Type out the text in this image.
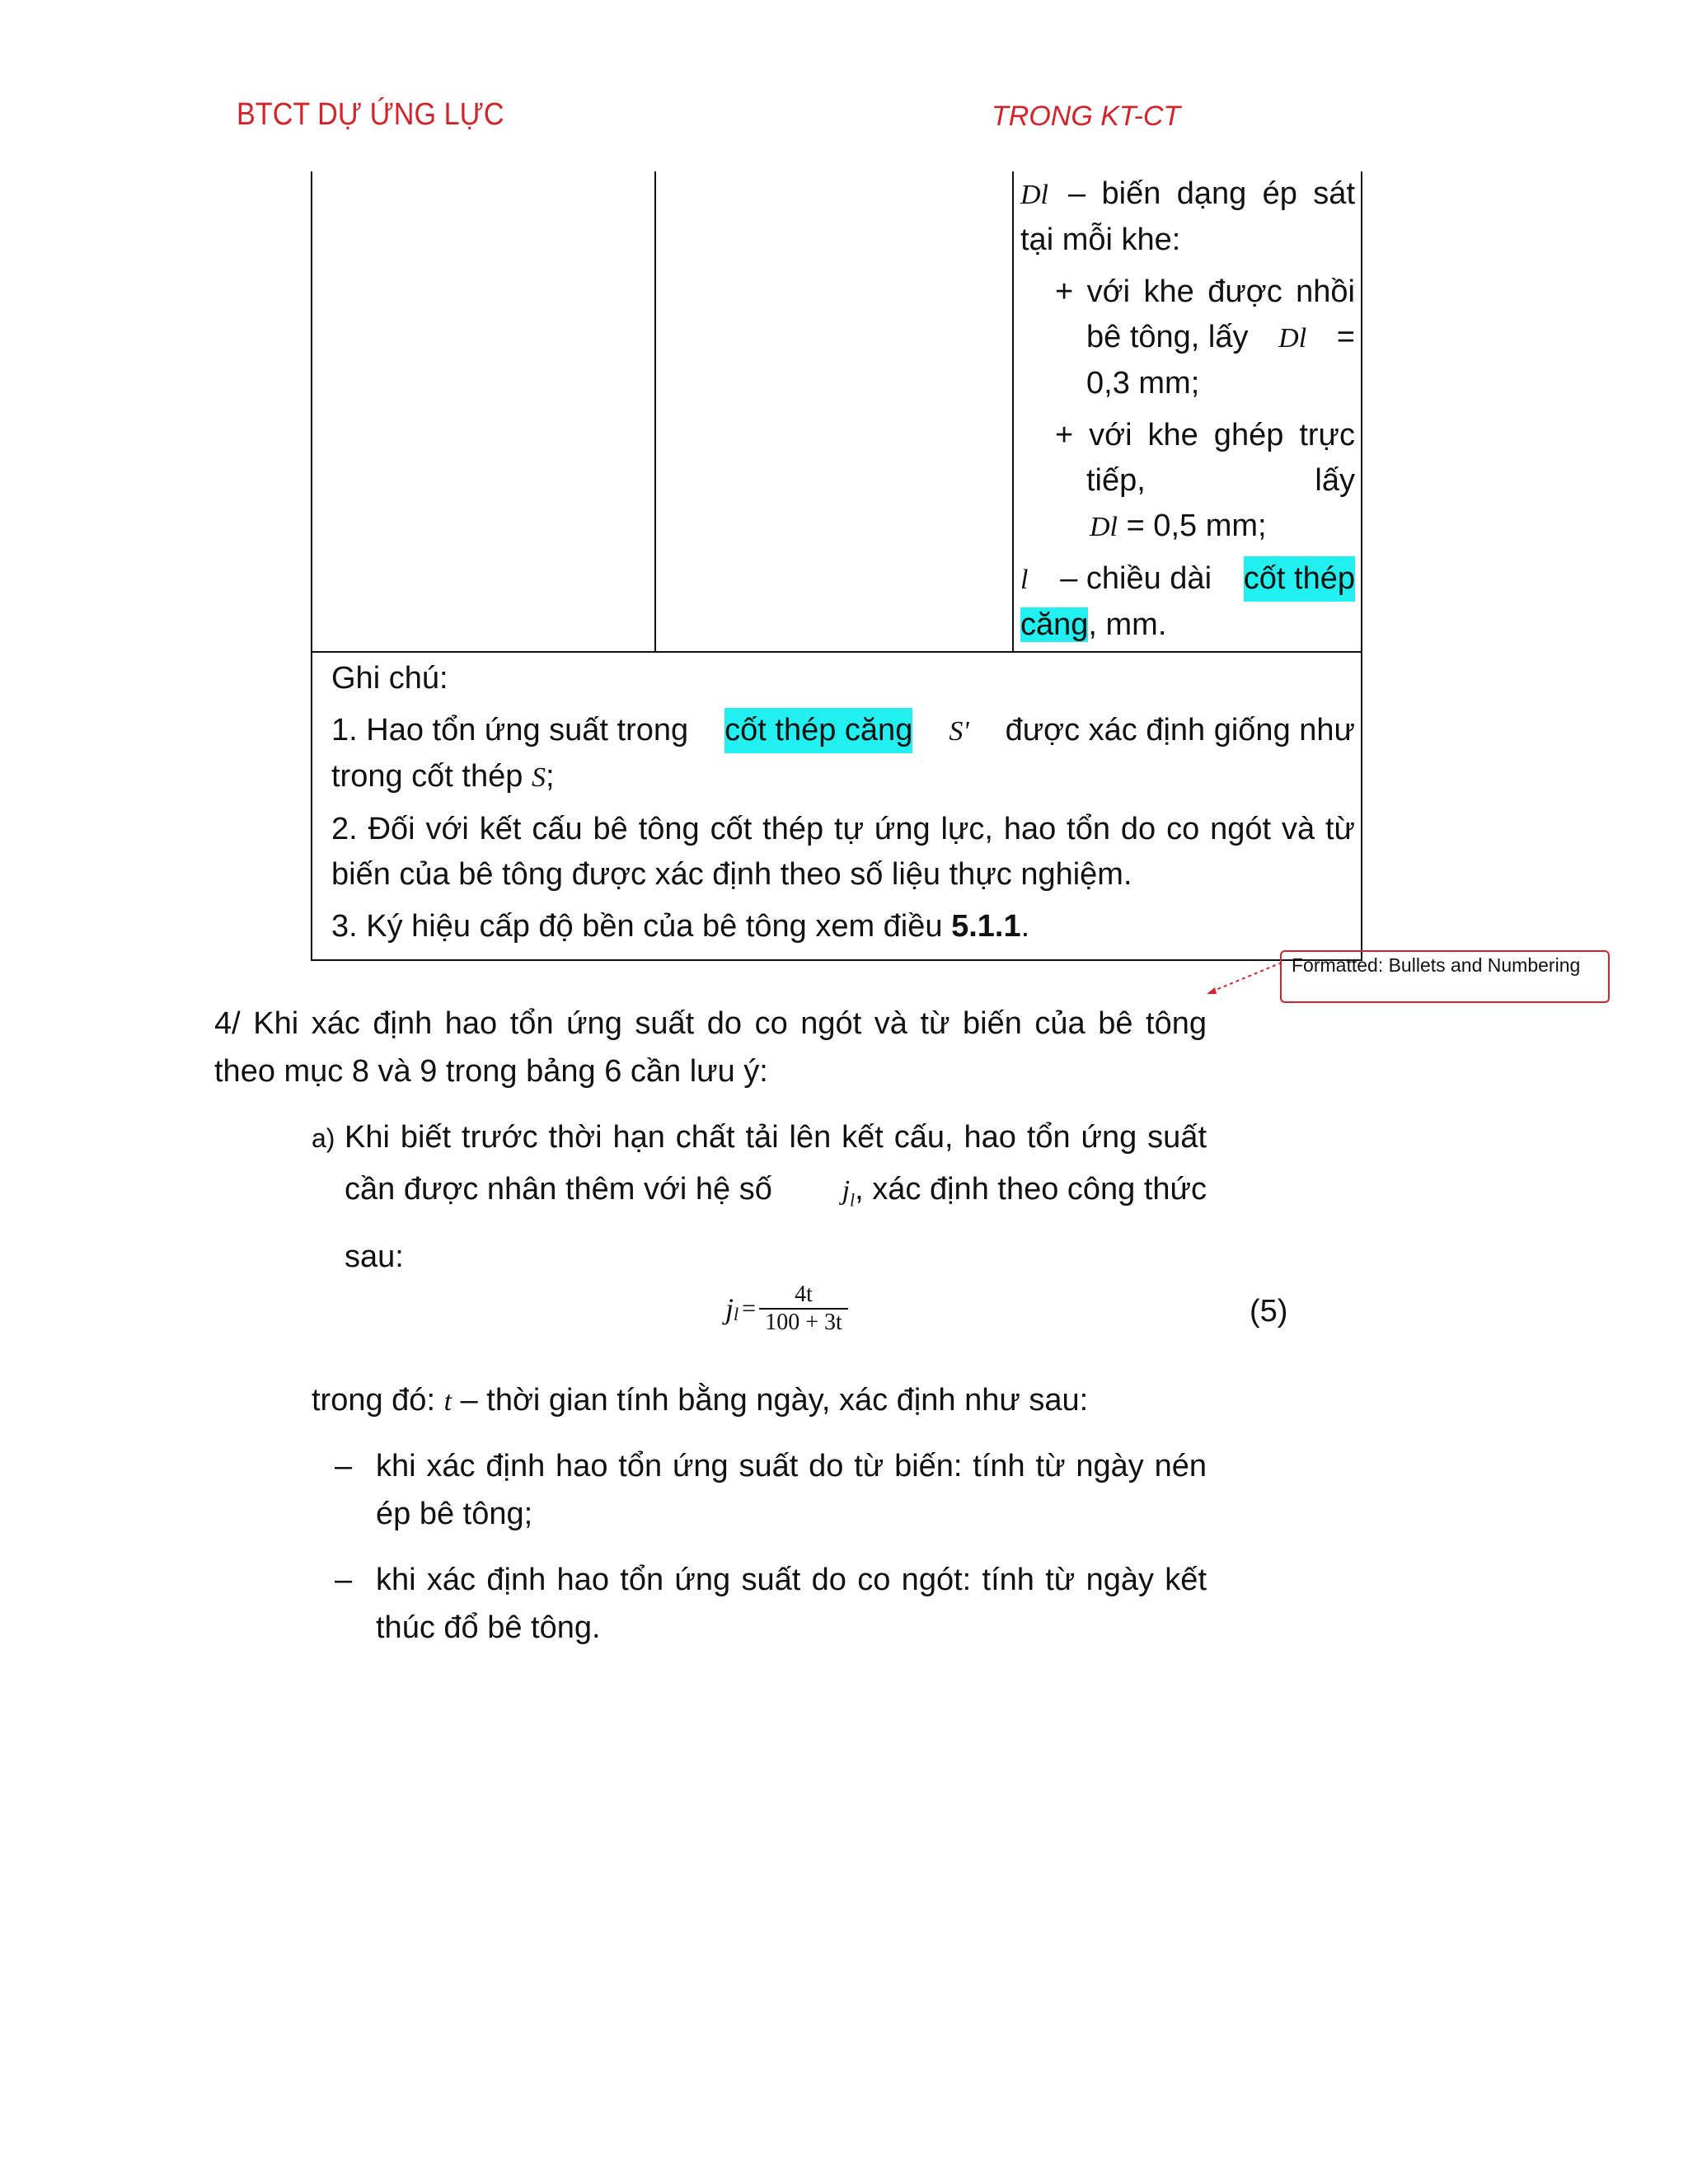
BTCT DỰ ỨNG LỰC	TRONG KT-CT
Dl – biến dạng ép sát
tại mỗi khe:
+ với khe được nhồi
bê tông, lấy Dl =
0,3 mm;
+ với khe ghép trực
tiếp,	lấy
Dl = 0,5 mm;
l – chiều dài cốt thép
căng, mm.
Ghi chú:
1. Hao tổn ứng suất trong cốt thép căng S' được xác định giống như
trong cốt thép S;
2. Đối với kết cấu bê tông cốt thép tự ứng lực, hao tổn do co ngót và từ
biến của bê tông được xác định theo số liệu thực nghiệm.
3. Ký hiệu cấp độ bền của bê tông xem điều 5.1.1.
Formatted: Bullets and Numbering
4/ Khi xác định hao tổn ứng suất do co ngót và từ biến của bê tông
theo mục 8 và 9 trong bảng 6 cần lưu ý:
a) Khi biết trước thời hạn chất tải lên kết cấu, hao tổn ứng suất
cần được nhân thêm với hệ số $j_l$, xác định theo công thức
sau:
$j_l$ =
4t
100 + 3t	(5)
trong đó: t – thời gian tính bằng ngày, xác định như sau:
– khi xác định hao tổn ứng suất do từ biến: tính từ ngày nén
ép bê tông;
– khi xác định hao tổn ứng suất do co ngót: tính từ ngày kết
thúc đổ bê tông.
